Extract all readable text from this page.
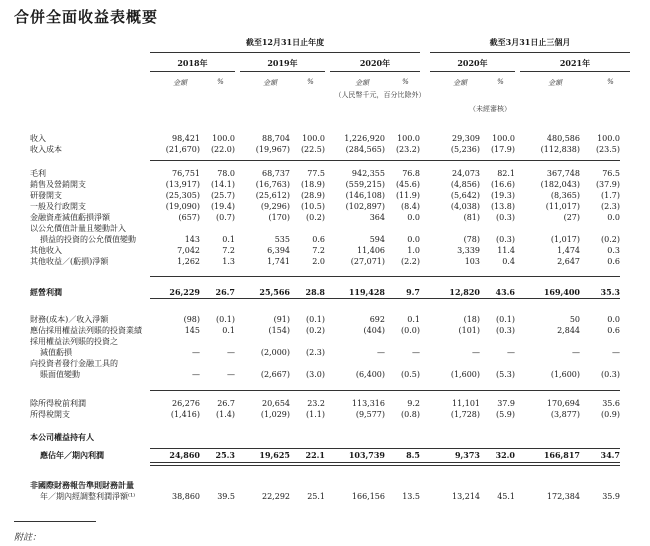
合併全面收益表概要
截至12月31日止年度	截至3月31日止三個月
2018年	2019年	2020年	2020年	2021年
金額	%	金額	%	金額	%	金額	%	金額	%
（人民幣千元，百分比除外）
（未經審核）
收入	98,421	100.0	88,704	100.0	1,226,920	100.0	29,309	100.0	480,586	100.0
收入成本	(21,670)	(22.0)	(19,967)	(22.5)	(284,565)	(23.2)	(5,236)	(17.9)	(112,838)	(23.5)
毛利	76,751	78.0	68,737	77.5	942,355	76.8	24,073	82.1	367,748	76.5
銷售及營銷開支	(13,917)	(14.1)	(16,763)	(18.9)	(559,215)	(45.6)	(4,856)	(16.6)	(182,043)	(37.9)
研發開支	(25,305)	(25.7)	(25,612)	(28.9)	(146,108)	(11.9)	(5,642)	(19.3)	(8,365)	(1.7)
一般及行政開支	(19,090)	(19.4)	(9,296)	(10.5)	(102,897)	(8.4)	(4,038)	(13.8)	(11,017)	(2.3)
金融資產減值虧損淨額	(657)	(0.7)	(170)	(0.2)	364	0.0	(81)	(0.3)	(27)	0.0
以公允價值計量且變動計入
損益的投資的公允價值變動	143	0.1	535	0.6	594	0.0	(78)	(0.3)	(1,017)	(0.2)
其他收入	7,042	7.2	6,394	7.2	11,406	1.0	3,339	11.4	1,474	0.3
其他收益／(虧損)淨額	1,262	1.3	1,741	2.0	(27,071)	(2.2)	103	0.4	2,647	0.6
經營利潤	26,229	26.7	25,566	28.8	119,428	9.7	12,820	43.6	169,400	35.3
財務(成本)／收入淨額	(98)	(0.1)	(91)	(0.1)	692	0.1	(18)	(0.1)	50	0.0
應佔採用權益法列賬的投資業績	145	0.1	(154)	(0.2)	(404)	(0.0)	(101)	(0.3)	2,844	0.6
採用權益法列賬的投資之
減值虧損	—	—	(2,000)	(2.3)	—	—	—	—	—	—
向投資者發行金融工具的
賬面值變動	—	—	(2,667)	(3.0)	(6,400)	(0.5)	(1,600)	(5.3)	(1,600)	(0.3)
除所得稅前利潤	26,276	26.7	20,654	23.2	113,316	9.2	11,101	37.9	170,694	35.6
所得稅開支	(1,416)	(1.4)	(1,029)	(1.1)	(9,577)	(0.8)	(1,728)	(5.9)	(3,877)	(0.9)
本公司權益持有人
應佔年／期內利潤	24,860	25.3	19,625	22.1	103,739	8.5	9,373	32.0	166,817	34.7
非國際財務報告準則財務計量
年／期內經調整利潤淨額⁽¹⁾	38,860	39.5	22,292	25.1	166,156	13.5	13,214	45.1	172,384	35.9
附註：
